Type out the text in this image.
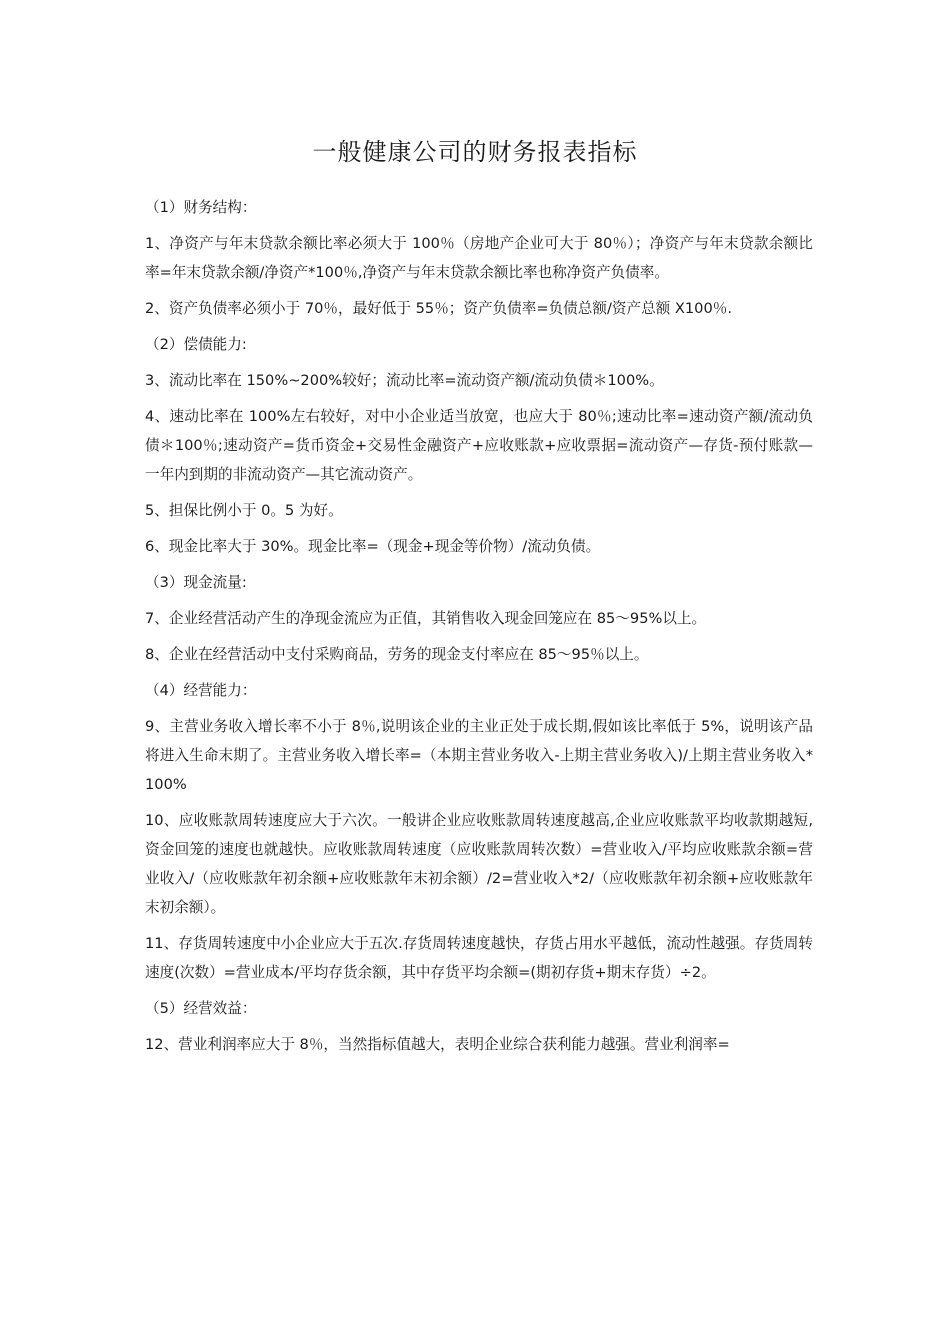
一般健康公司的财务报表指标
（1）财务结构：
1、净资产与年末贷款余额比率必须大于 100％（房地产企业可大于 80％）；净资产与年末贷款余额比率=年末贷款余额/净资产*100％,净资产与年末贷款余额比率也称净资产负债率。
2、资产负债率必须小于 70％，最好低于 55％；资产负债率=负债总额/资产总额 X100％.
（2）偿债能力:
3、流动比率在 150%~200%较好；流动比率=流动资产额/流动负债＊100%。
4、速动比率在 100%左右较好，对中小企业适当放宽，也应大于 80％;速动比率=速动资产额/流动负债＊100％;速动资产=货币资金+交易性金融资产+应收账款+应收票据=流动资产—存货-预付账款—一年内到期的非流动资产—其它流动资产。
5、担保比例小于 0。5 为好。
6、现金比率大于 30%。现金比率=（现金+现金等价物）/流动负债。
（3）现金流量:
7、企业经营活动产生的净现金流应为正值，其销售收入现金回笼应在 85～95%以上。
8、企业在经营活动中支付采购商品，劳务的现金支付率应在 85～95％以上。
（4）经营能力：
9、主营业务收入增长率不小于 8％,说明该企业的主业正处于成长期,假如该比率低于 5%，说明该产品将进入生命末期了。主营业务收入增长率=（本期主营业务收入-上期主营业务收入)/上期主营业务收入*100%
10、应收账款周转速度应大于六次。一般讲企业应收账款周转速度越高,企业应收账款平均收款期越短,资金回笼的速度也就越快。应收账款周转速度（应收账款周转次数）=营业收入/平均应收账款余额=营业收入/（应收账款年初余额+应收账款年末初余额）/2=营业收入*2/（应收账款年初余额+应收账款年末初余额）。
11、存货周转速度中小企业应大于五次.存货周转速度越快，存货占用水平越低，流动性越强。存货周转速度(次数）=营业成本/平均存货余额，其中存货平均余额=(期初存货+期末存货）÷2。
（5）经营效益：
12、营业利润率应大于 8％，当然指标值越大，表明企业综合获利能力越强。营业利润率=
